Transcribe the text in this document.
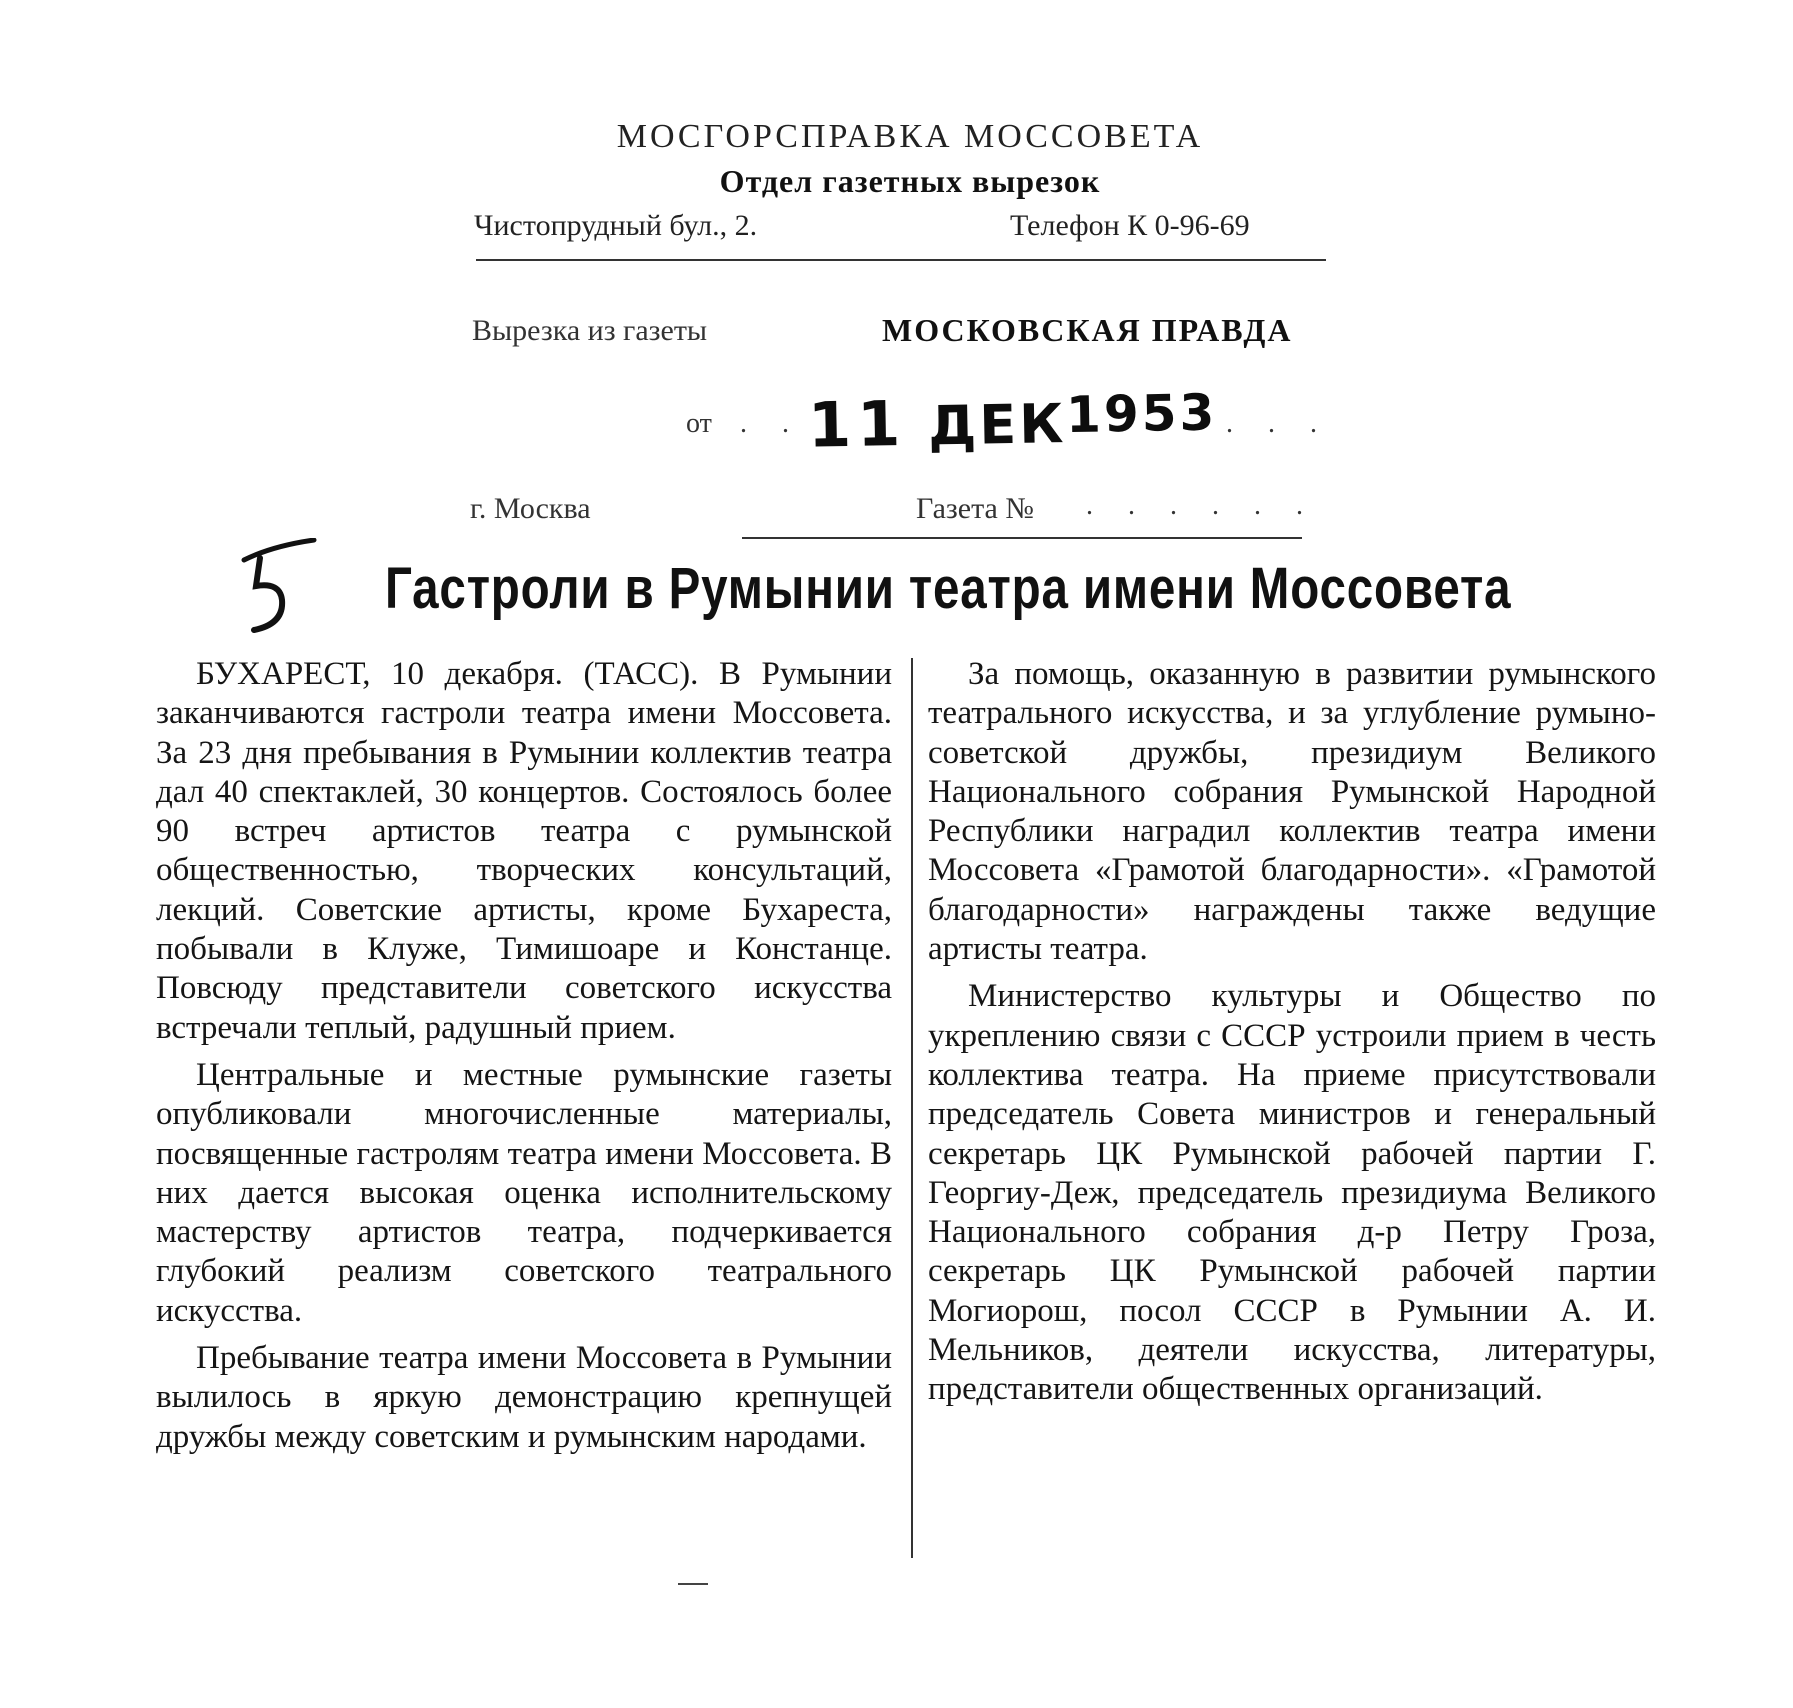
МОСГОРСПРАВКА МОССОВЕТА
Отдел газетных вырезок
Чистопрудный бул., 2.	Телефон К 0-96-69
Вырезка из газеты	МОСКОВСКАЯ ПРАВДА
от . . 11 ДЕК1953 . . .
г. Москва	Газета № . . . . . .
5
Гастроли в Румынии театра имени Моссовета

БУХАРЕСТ, 10 декабря. (ТАСС). В Румынии заканчиваются гастроли театра имени Моссовета. За 23 дня пребывания в Румынии коллектив театра дал 40 спектаклей, 30 концертов. Состоялось более 90 встреч артистов театра с румынской общественностью, творческих консультаций, лекций. Советские артисты, кроме Бухареста, побывали в Клуже, Тимишоаре и Констанце. Повсюду представители советского искусства встречали теплый, радушный прием.

Центральные и местные румынские газеты опубликовали многочисленные материалы, посвященные гастролям театра имени Моссовета. В них дается высокая оценка исполнительскому мастерству артистов театра, подчеркивается глубокий реализм советского театрального искусства.

Пребывание театра имени Моссовета в Румынии вылилось в яркую демонстрацию крепнущей дружбы между советским и румынским народами.

За помощь, оказанную в развитии румынского театрального искусства, и за углубление румыно-советской дружбы, президиум Великого Национального собрания Румынской Народной Республики наградил коллектив театра имени Моссовета «Грамотой благодарности». «Грамотой благодарности» награждены также ведущие артисты театра.

Министерство культуры и Общество по укреплению связи с СССР устроили прием в честь коллектива театра. На приеме присутствовали председатель Совета министров и генеральный секретарь ЦК Румынской рабочей партии Г. Георгиу-Деж, председатель президиума Великого Национального собрания д-р Петру Гроза, секретарь ЦК Румынской рабочей партии Могиорош, посол СССР в Румынии А. И. Мельников, деятели искусства, литературы, представители общественных организаций.
